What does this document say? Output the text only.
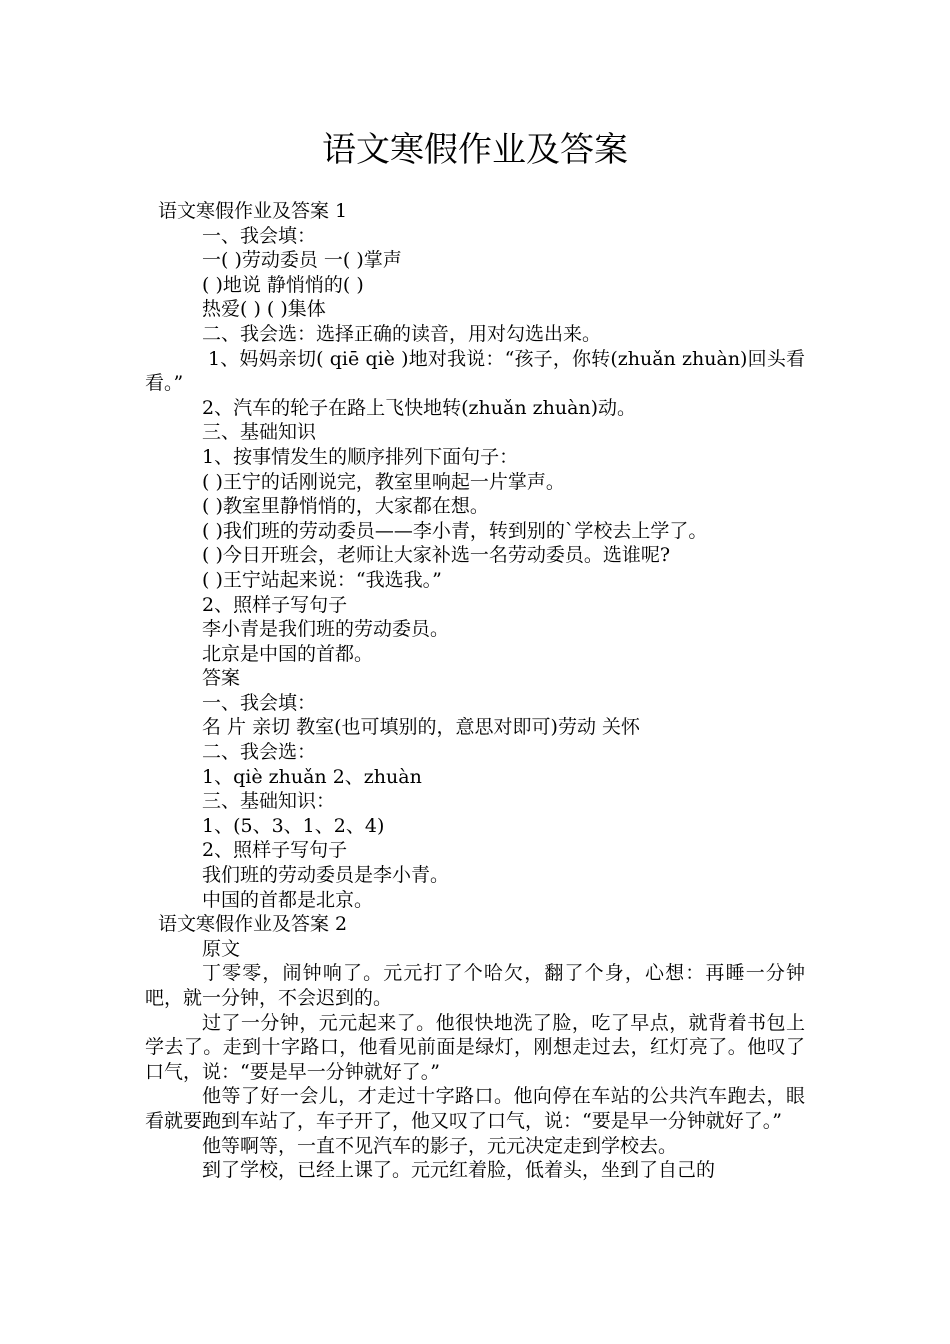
语文寒假作业及答案
语文寒假作业及答案 1
一、我会填：
一( )劳动委员 一( )掌声
( )地说 静悄悄的( )
热爱( ) ( )集体
二、我会选：选择正确的读音，用对勾选出来。
1、妈妈亲切( qiē qiè )地对我说：“孩子，你转(zhuǎn zhuàn)回头看看。”
2、汽车的轮子在路上飞快地转(zhuǎn zhuàn)动。
三、基础知识
1、按事情发生的顺序排列下面句子：
( )王宁的话刚说完，教室里响起一片掌声。
( )教室里静悄悄的，大家都在想。
( )我们班的劳动委员——李小青，转到别的`学校去上学了。
( )今日开班会，老师让大家补选一名劳动委员。选谁呢?
( )王宁站起来说：“我选我。”
2、照样子写句子
李小青是我们班的劳动委员。
北京是中国的首都。
答案
一、我会填：
名 片 亲切 教室(也可填别的，意思对即可)劳动 关怀
二、我会选：
1、qiè zhuǎn 2、zhuàn
三、基础知识：
1、(5、3、1、2、4)
2、照样子写句子
我们班的劳动委员是李小青。
中国的首都是北京。
语文寒假作业及答案 2
原文
丁零零，闹钟响了。元元打了个哈欠，翻了个身，心想：再睡一分钟吧，就一分钟，不会迟到的。
过了一分钟，元元起来了。他很快地洗了脸，吃了早点，就背着书包上学去了。走到十字路口，他看见前面是绿灯，刚想走过去，红灯亮了。他叹了口气，说：“要是早一分钟就好了。”
他等了好一会儿，才走过十字路口。他向停在车站的公共汽车跑去，眼看就要跑到车站了，车子开了，他又叹了口气，说：“要是早一分钟就好了。”
他等啊等，一直不见汽车的影子，元元决定走到学校去。
到了学校，已经上课了。元元红着脸，低着头，坐到了自己的
